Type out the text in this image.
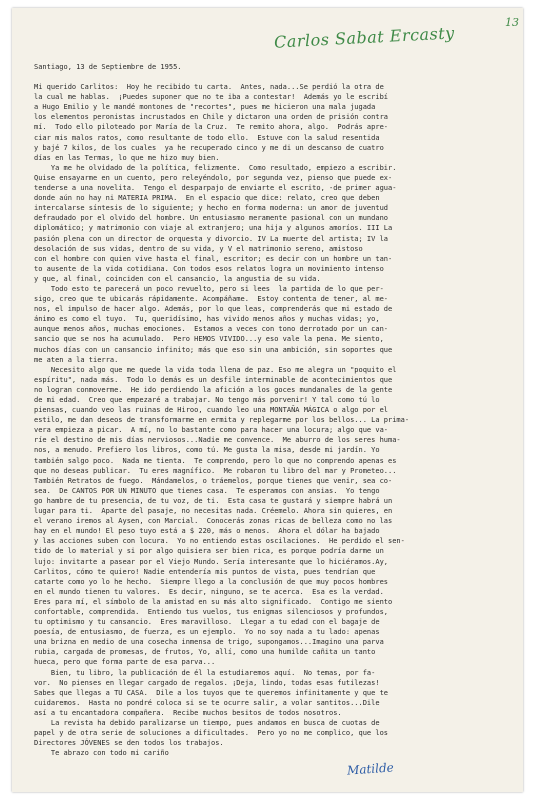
Carlos Sabat Ercasty
13

Santiago, 13 de Septiembre de 1955.

Mi querido Carlitos:  Hoy he recibido tu carta.  Antes, nada...Se perdió la otra de

la cual me hablas.  ¡Puedes suponer que no te iba a contestar!  Además yo le escribí

a Hugo Emilio y le mandé montones de "recortes", pues me hicieron una mala jugada

los elementos peronistas incrustados en Chile y dictaron una orden de prisión contra

mí.  Todo ello piloteado por María de la Cruz.  Te remito ahora, algo.  Podrás apre-

ciar mis malos ratos, como resultante de todo ello.  Estuve con la salud resentida

y bajé 7 kilos, de los cuales  ya he recuperado cinco y me di un descanso de cuatro

días en las Termas, lo que me hizo muy bien.

Ya me he olvidado de la política, felizmente.  Como resultado, empiezo a escribir.

Quise ensayarme en un cuento, pero releyéndolo, por segunda vez, pienso que puede ex-

tenderse a una novelita.  Tengo el desparpajo de enviarte el escrito, -de primer agua-

donde aún no hay ni MATERIA PRIMA.  En el espacio que dice: relato, creo que deben

intercalarse síntesis de lo siguiente; y hecho en forma moderna: un amor de juventud

defraudado por el olvido del hombre. Un entusiasmo meramente pasional con un mundano

diplomático; y matrimonio con viaje al extranjero; una hija y algunos amoríos. III La

pasión plena con un director de orquesta y divorcio. IV La muerte del artista; IV la

desolación de sus vidas, dentro de su vida, y V el matrimonio sereno, amistoso

con el hombre con quien vive hasta el final, escritor; es decir con un hombre un tan-

to ausente de la vida cotidiana. Con todos esos relatos logra un movimiento intenso

y que, al final, coinciden con el cansancio, la angustia de su vida.

Todo esto te parecerá un poco revuelto, pero si lees  la partida de lo que per-

sigo, creo que te ubicarás rápidamente. Acompáñame.  Estoy contenta de tener, al me-

nos, el impulso de hacer algo. Además, por lo que leas, comprenderás que mi estado de

ánimo es como el tuyo.  Tu, queridísimo, has vivido menos años y muchas vidas; yo,

aunque menos años, muchas emociones.  Estamos a veces con tono derrotado por un can-

sancio que se nos ha acumulado.  Pero HEMOS VIVIDO...y eso vale la pena. Me siento,

muchos días con un cansancio infinito; más que eso sin una ambición, sin soportes que

me aten a la tierra.

Necesito algo que me quede la vida toda llena de paz. Eso me alegra un "poquito el

espíritu", nada más.  Todo lo demás es un desfile interminable de acontecimientos que

no logran conmoverme.  He ido perdiendo la afición a los goces mundanales de la gente

de mi edad.  Creo que empezaré a trabajar. No tengo más porvenir! Y tal como tú lo

piensas, cuando veo las ruinas de Hiroo, cuando leo una MONTAÑA MÁGICA o algo por el

estilo, me dan deseos de transformarme en ermita y replegarme por los bellos... La prima-

vera empieza a picar.  A mí, no lo bastante como para hacer una locura; algo que va-

ríe el destino de mis días nerviosos...Nadie me convence.  Me aburro de los seres huma-

nos, a menudo. Prefiero los libros, como tú. Me gusta la misa, desde mi jardín. Yo

también salgo poco.  Nada me tienta.  Te comprendo, pero lo que no comprendo apenas es

que no deseas publicar.  Tu eres magnífico.  Me robaron tu libro del mar y Prometeo...

También Retratos de fuego.  Mándamelos, o tráemelos, porque tienes que venir, sea co-

sea.  De CANTOS POR UN MINUTO que tienes casa.  Te esperamos con ansias.  Yo tengo

go hambre de tu presencia, de tu voz, de ti.  Esta casa te gustará y siempre habrá un

lugar para ti.  Aparte del pasaje, no necesitas nada. Créemelo. Ahora sin quieres, en

el verano iremos al Aysen, con Marcial.  Conocerás zonas ricas de belleza como no las

hay en el mundo! El peso tuyo está a $ 220, más o menos.  Ahora el dólar ha bajado

y las acciones suben con locura.  Yo no entiendo estas oscilaciones.  He perdido el sen-

tido de lo material y si por algo quisiera ser bien rica, es porque podría darme un

lujo: invitarte a pasear por el Viejo Mundo. Sería interesante que lo hiciéramos.Ay,

Carlitos, cómo te quiero! Nadie entendería mis puntos de vista, pues tendrían que

catarte como yo lo he hecho.  Siempre llego a la conclusión de que muy pocos hombres

en el mundo tienen tu valores.  Es decir, ninguno, se te acerca.  Esa es la verdad.

Eres para mí, el símbolo de la amistad en su más alto significado.  Contigo me siento

confortable, comprendida.  Entiendo tus vuelos, tus enigmas silenciosos y profundos,

tu optimismo y tu cansancio.  Eres maravilloso.  Llegar a tu edad con el bagaje de

poesía, de entusiasmo, de fuerza, es un ejemplo.  Yo no soy nada a tu lado: apenas

una brizna en medio de una cosecha inmensa de trigo, supongamos...Imagino una parva

rubia, cargada de promesas, de frutos, Yo, allí, como una humilde cañita un tanto

hueca, pero que forma parte de esa parva...

Bien, tu libro, la publicación de él la estudiaremos aquí.  No temas, por fa-

vor.  No pienses en llegar cargado de regalos. ¡Deja, lindo, todas esas futilezas!

Sabes que llegas a TU CASA.  Dile a los tuyos que te queremos infinitamente y que te

cuidaremos.  Hasta no pondré coloca si se te ocurre salir, a volar santitos...Dile

así a tu encantadora compañera.  Recibe muchos besitos de todos nosotros.

La revista ha debido paralizarse un tiempo, pues andamos en busca de cuotas de

papel y de otra serie de soluciones a dificultades.  Pero yo no me complico, que los

Directores JÓVENES se den todos los trabajos.

Te abrazo con todo mi cariño

Matilde
